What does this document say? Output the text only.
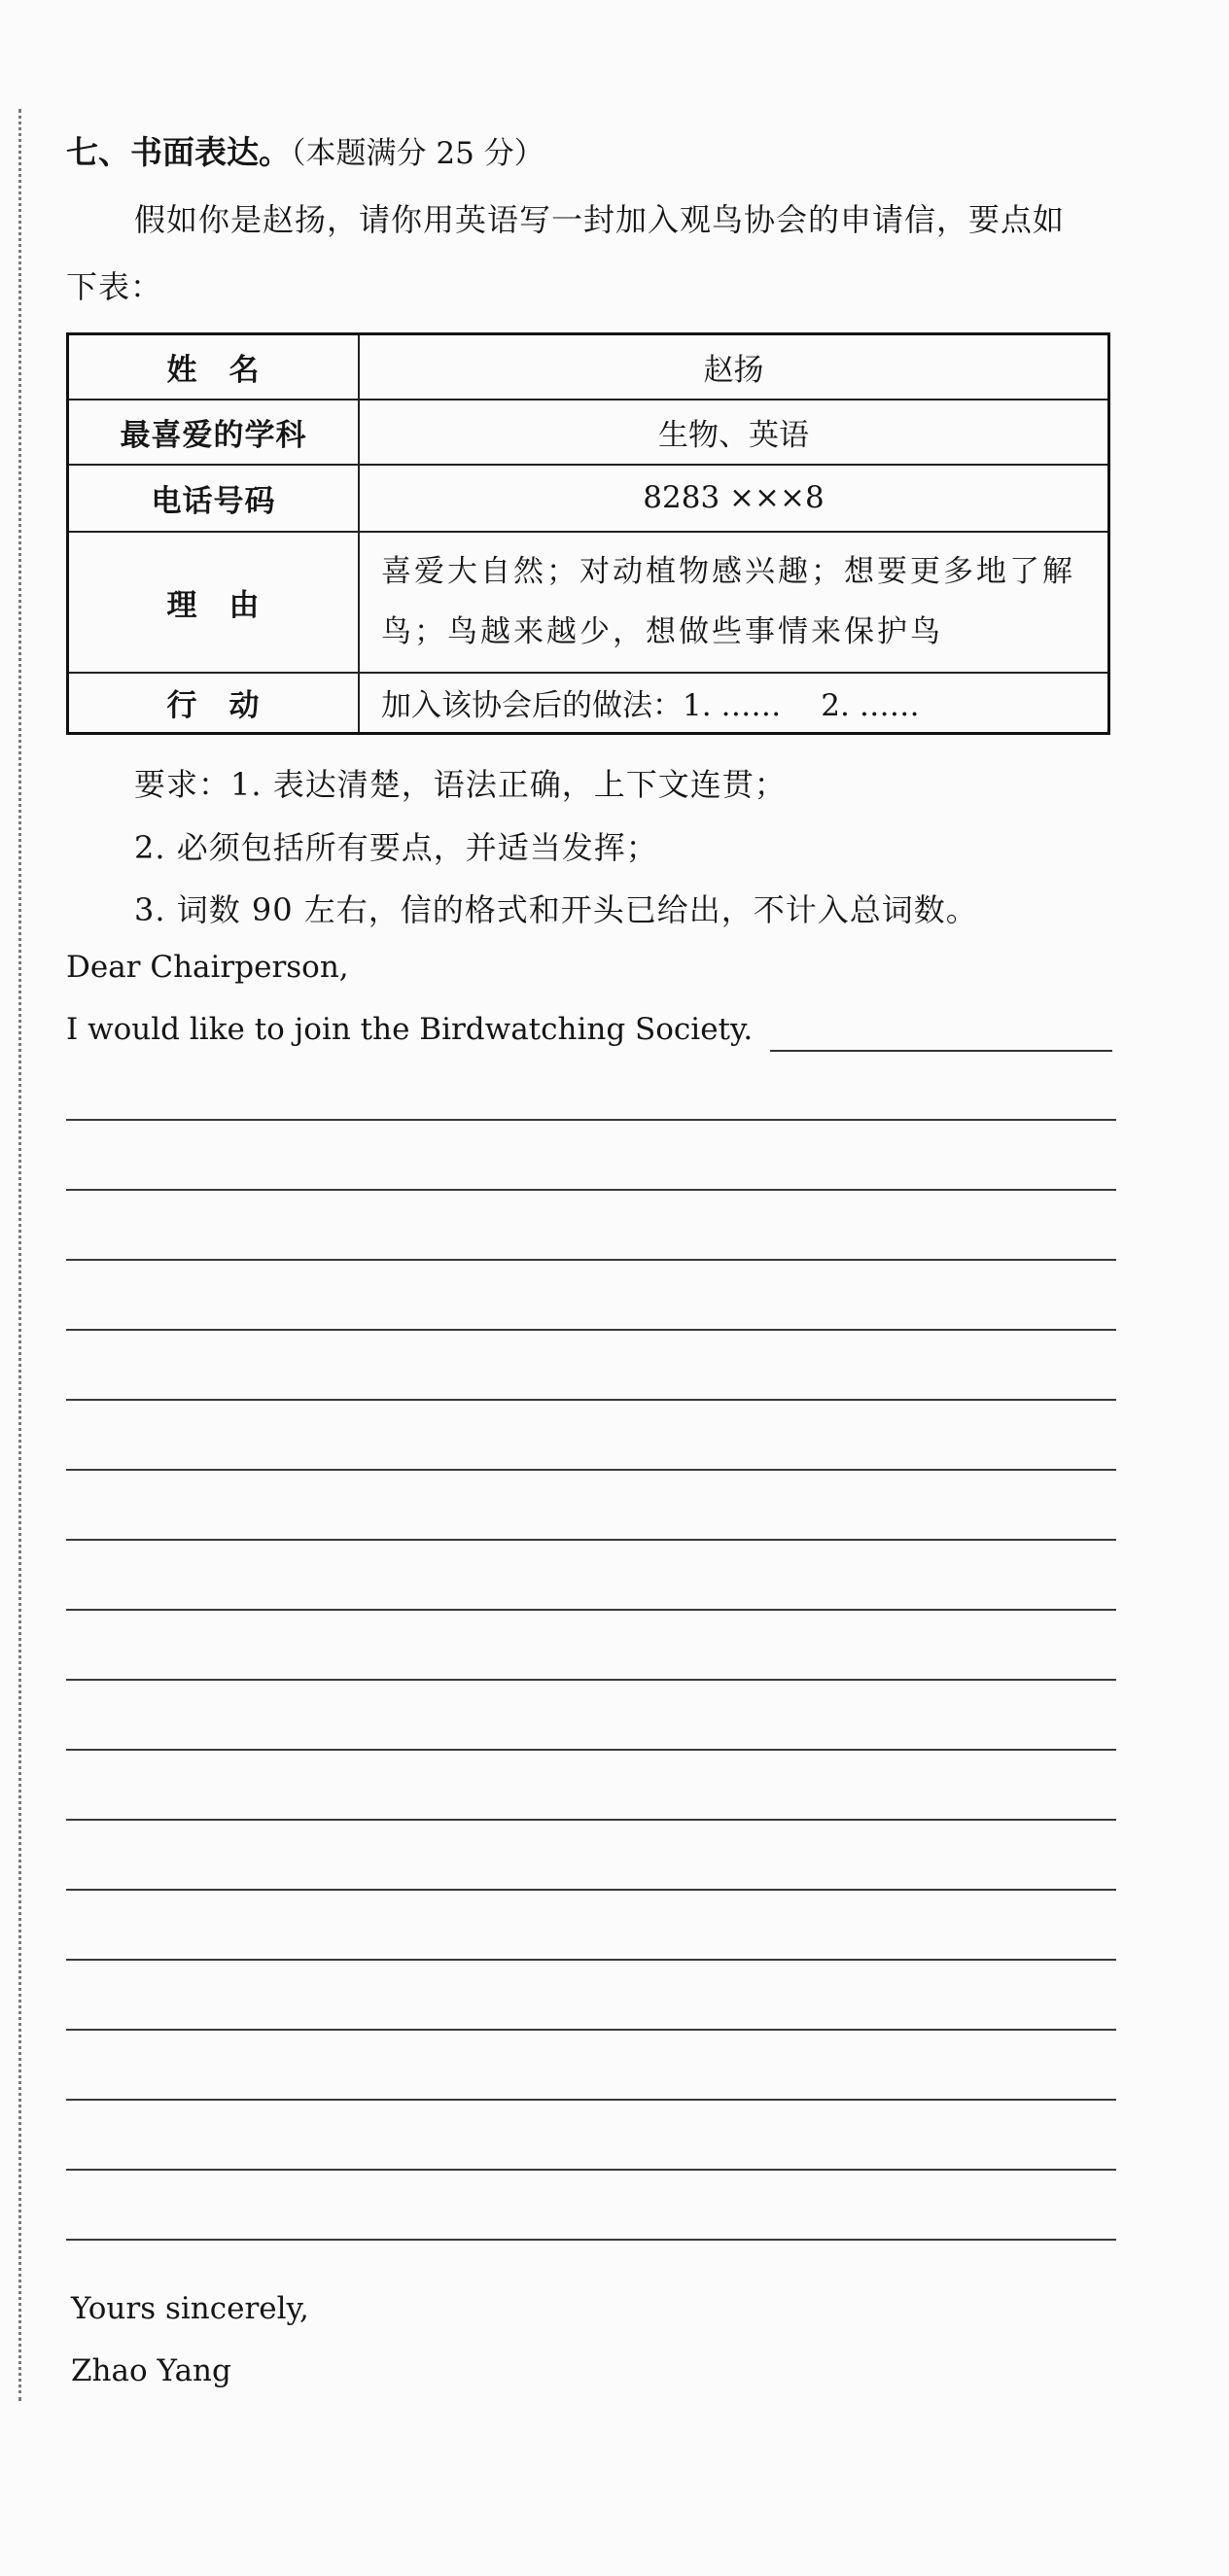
七、书面表达。（本题满分 25 分）
假如你是赵扬，请你用英语写一封加入观鸟协会的申请信，要点如
下表：
姓　名	赵扬
最喜爱的学科	生物、英语
电话号码	8283 ×××8
理　由	喜爱大自然；对动植物感兴趣；想要更多地了解
鸟；鸟越来越少，想做些事情来保护鸟

行　动	加入该协会后的做法：1. ……　 2. ……
要求：1. 表达清楚，语法正确，上下文连贯；
2. 必须包括所有要点，并适当发挥；
3. 词数 90 左右，信的格式和开头已给出，不计入总词数。
Dear Chairperson,
I would like to join the Birdwatching Society.
Yours sincerely,
Zhao Yang
